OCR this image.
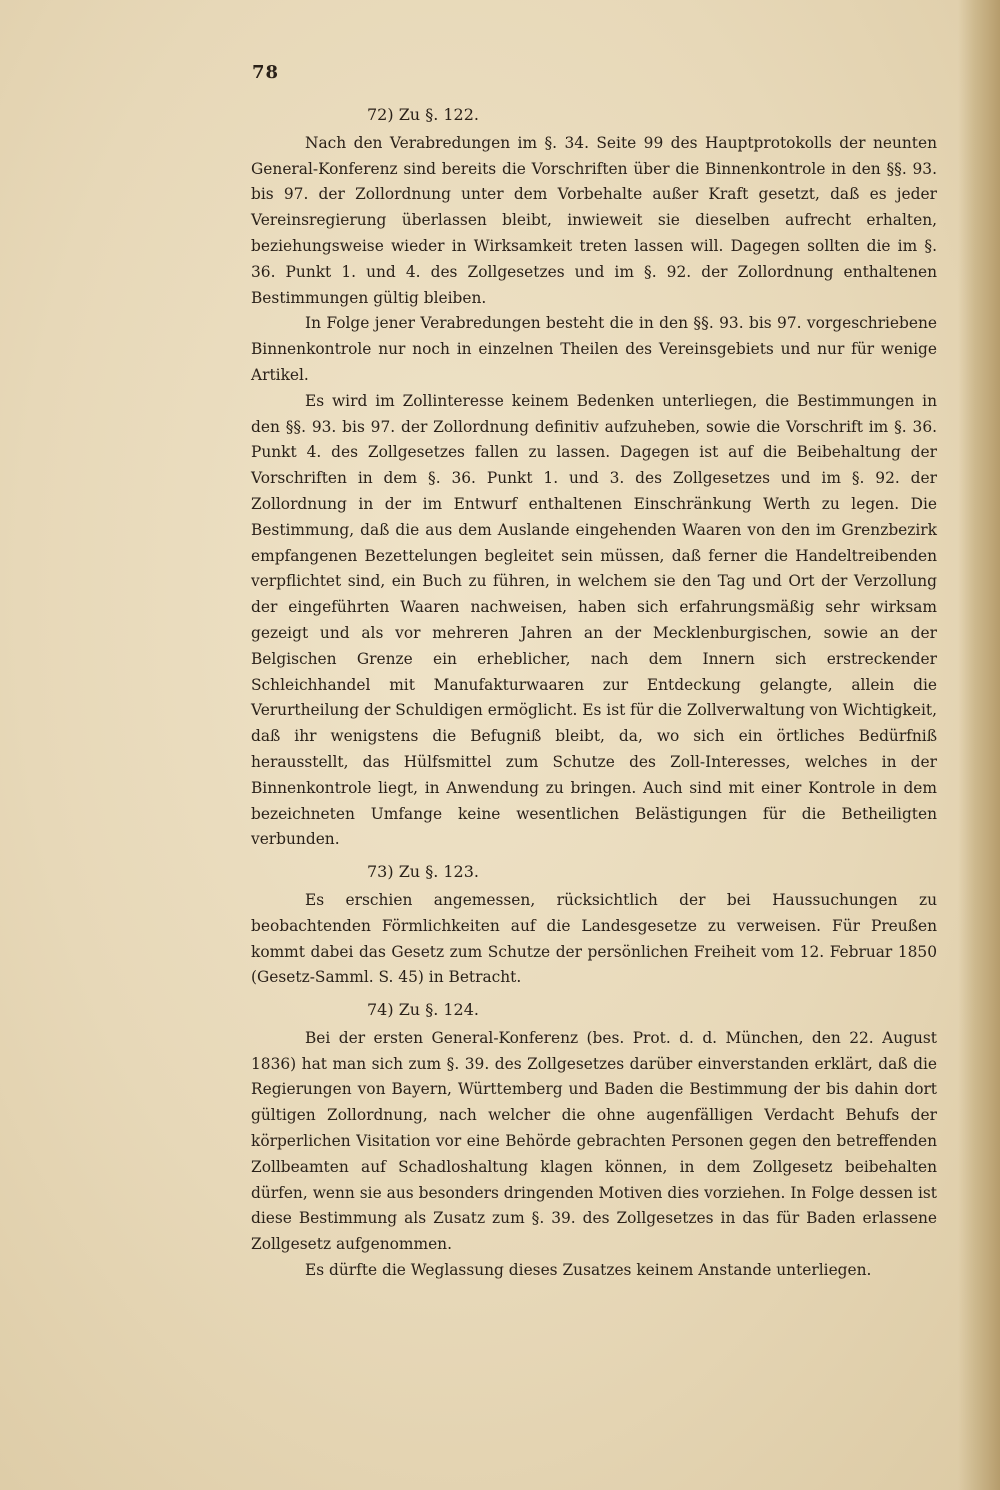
78

72) Zu §. 122.

Nach den Verabredungen im §. 34. Seite 99 des Hauptprotokolls der neunten General-Konferenz sind bereits die Vorschriften über die Binnenkontrole in den §§. 93. bis 97. der Zollordnung unter dem Vorbehalte außer Kraft gesetzt, daß es jeder Vereinsregierung überlassen bleibt, inwieweit sie dieselben aufrecht erhalten, beziehungsweise wieder in Wirksamkeit treten lassen will. Dagegen sollten die im §. 36. Punkt 1. und 4. des Zollgesetzes und im §. 92. der Zollordnung enthaltenen Bestimmungen gültig bleiben.

In Folge jener Verabredungen besteht die in den §§. 93. bis 97. vorgeschriebene Binnenkontrole nur noch in einzelnen Theilen des Vereinsgebiets und nur für wenige Artikel.

Es wird im Zollinteresse keinem Bedenken unterliegen, die Bestimmungen in den §§. 93. bis 97. der Zollordnung definitiv aufzuheben, sowie die Vorschrift im §. 36. Punkt 4. des Zollgesetzes fallen zu lassen. Dagegen ist auf die Beibehaltung der Vorschriften in dem §. 36. Punkt 1. und 3. des Zollgesetzes und im §. 92. der Zollordnung in der im Entwurf enthaltenen Einschränkung Werth zu legen. Die Bestimmung, daß die aus dem Auslande eingehenden Waaren von den im Grenzbezirk empfangenen Bezettelungen begleitet sein müssen, daß ferner die Handeltreibenden verpflichtet sind, ein Buch zu führen, in welchem sie den Tag und Ort der Verzollung der eingeführten Waaren nachweisen, haben sich erfahrungsmäßig sehr wirksam gezeigt und als vor mehreren Jahren an der Mecklenburgischen, sowie an der Belgischen Grenze ein erheblicher, nach dem Innern sich erstreckender Schleichhandel mit Manufakturwaaren zur Entdeckung gelangte, allein die Verurtheilung der Schuldigen ermöglicht. Es ist für die Zollverwaltung von Wichtigkeit, daß ihr wenigstens die Befugniß bleibt, da, wo sich ein örtliches Bedürfniß herausstellt, das Hülfsmittel zum Schutze des Zoll-Interesses, welches in der Binnenkontrole liegt, in Anwendung zu bringen. Auch sind mit einer Kontrole in dem bezeichneten Umfange keine wesentlichen Belästigungen für die Betheiligten verbunden.

73) Zu §. 123.

Es erschien angemessen, rücksichtlich der bei Haussuchungen zu beobachtenden Förmlichkeiten auf die Landesgesetze zu verweisen. Für Preußen kommt dabei das Gesetz zum Schutze der persönlichen Freiheit vom 12. Februar 1850 (Gesetz-Samml. S. 45) in Betracht.

74) Zu §. 124.

Bei der ersten General-Konferenz (bes. Prot. d. d. München, den 22. August 1836) hat man sich zum §. 39. des Zollgesetzes darüber einverstanden erklärt, daß die Regierungen von Bayern, Württemberg und Baden die Bestimmung der bis dahin dort gültigen Zollordnung, nach welcher die ohne augenfälligen Verdacht Behufs der körperlichen Visitation vor eine Behörde gebrachten Personen gegen den betreffenden Zollbeamten auf Schadloshaltung klagen können, in dem Zollgesetz beibehalten dürfen, wenn sie aus besonders dringenden Motiven dies vorziehen. In Folge dessen ist diese Bestimmung als Zusatz zum §. 39. des Zollgesetzes in das für Baden erlassene Zollgesetz aufgenommen.

Es dürfte die Weglassung dieses Zusatzes keinem Anstande unterliegen.
